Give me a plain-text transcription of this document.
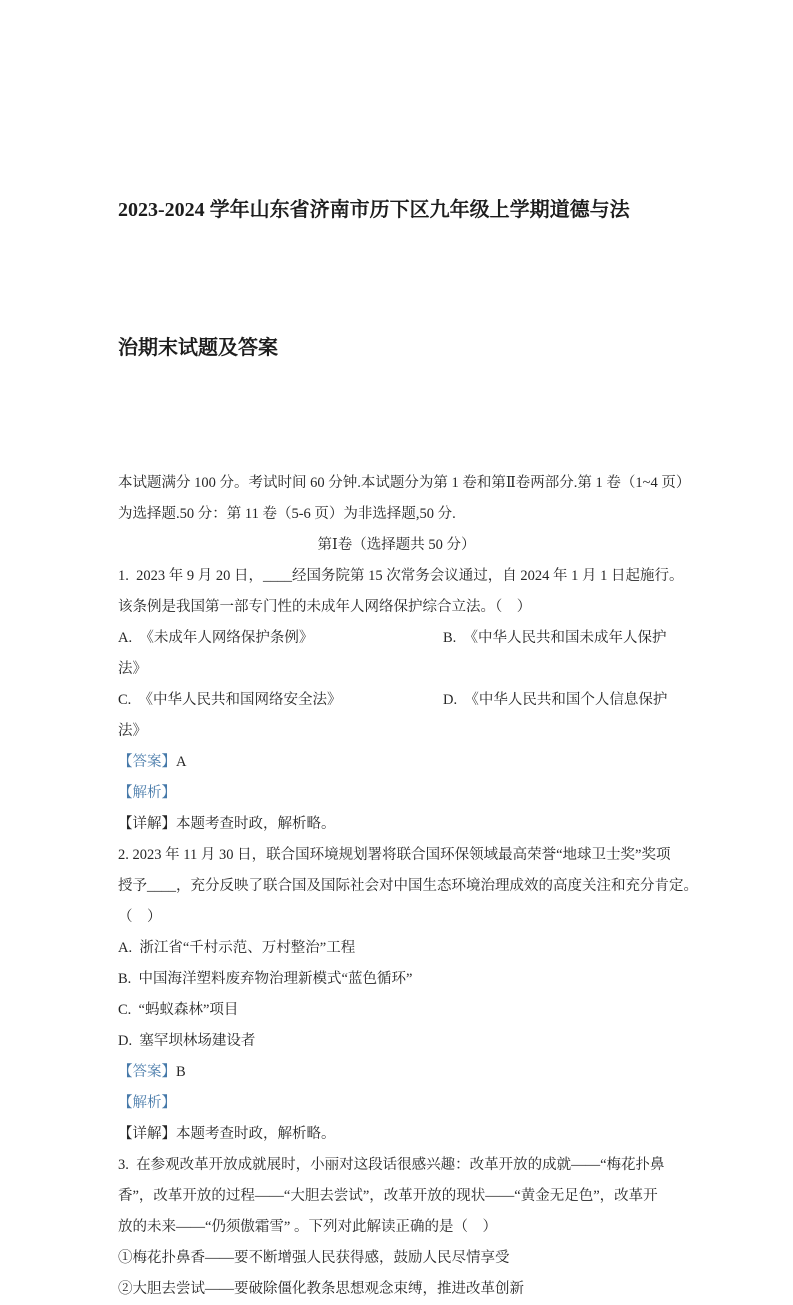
2023-2024 学年山东省济南市历下区九年级上学期道德与法

治期末试题及答案

本试题满分 100 分。考试时间 60 分钟.本试题分为第 1 卷和第Ⅱ卷两部分.第 1 卷（1~4 页）
为选择题.50 分：第 11 卷（5-6 页）为非选择题,50 分.
第Ⅰ卷（选择题共 50 分）
1.  2023 年 9 月 20 日，____经国务院第 15 次常务会议通过，自 2024 年 1 月 1 日起施行。
该条例是我国第一部专门性的未成年人网络保护综合立法。（    ）
A.  《未成年人网络保护条例》	B.  《中华人民共和国未成年人保护
法》
C.  《中华人民共和国网络安全法》	D.  《中华人民共和国个人信息保护
法》
【答案】A
【解析】
【详解】本题考查时政，解析略。
2. 2023 年 11 月 30 日，联合国环境规划署将联合国环保领域最高荣誉“地球卫士奖”奖项
授予____，充分反映了联合国及国际社会对中国生态环境治理成效的高度关注和充分肯定。
（    ）
A.  浙江省“千村示范、万村整治”工程
B.  中国海洋塑料废弃物治理新模式“蓝色循环”
C.  “蚂蚁森林”项目
D.  塞罕坝林场建设者
【答案】B
【解析】
【详解】本题考查时政，解析略。
3.  在参观改革开放成就展时，小丽对这段话很感兴趣：改革开放的成就——“梅花扑鼻
香”，改革开放的过程——“大胆去尝试”，改革开放的现状——“黄金无足色”，改革开
放的未来——“仍须傲霜雪” 。下列对此解读正确的是（    ）
①梅花扑鼻香——要不断增强人民获得感，鼓励人民尽情享受
②大胆去尝试——要破除僵化教条思想观念束缚，推进改革创新
